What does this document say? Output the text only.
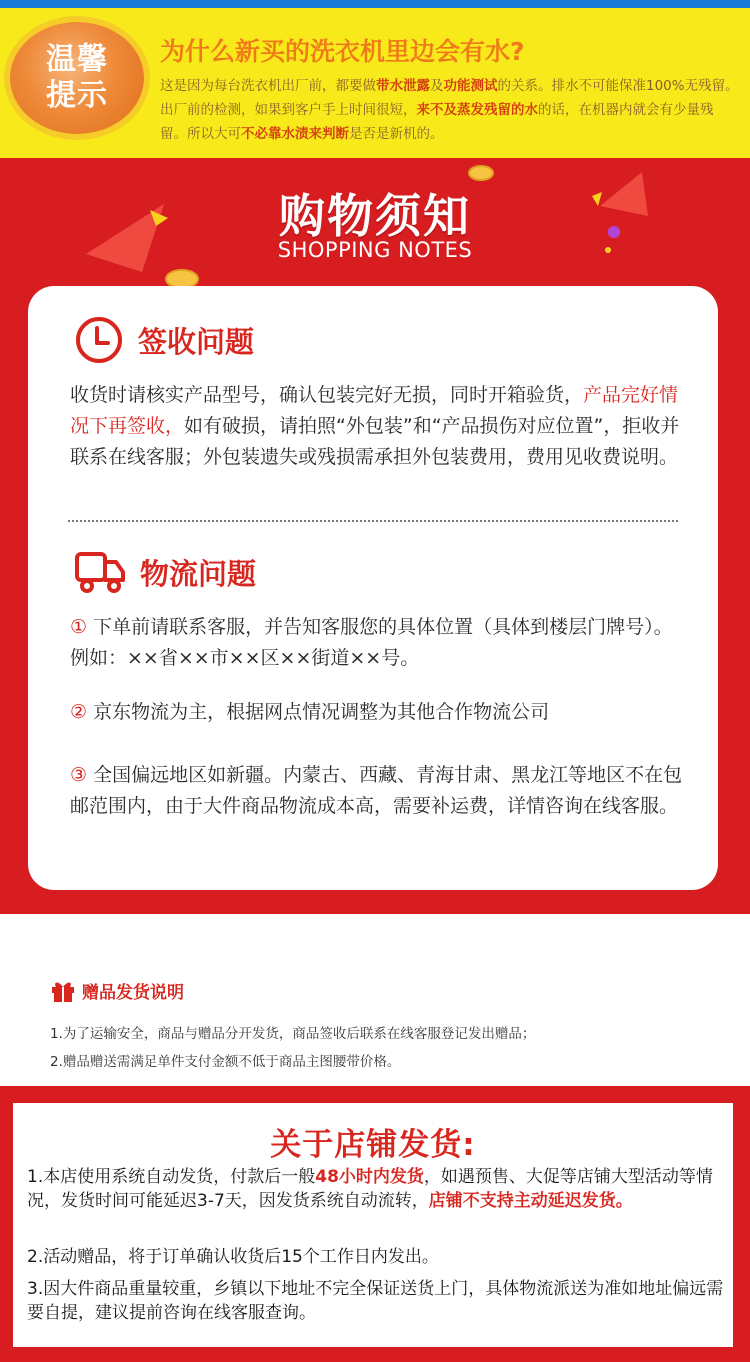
温馨
提示
为什么新买的洗衣机里边会有水?
这是因为每台洗衣机出厂前，都要做带水泄露及功能测试的关系。排水不可能保准100%无残留。出厂前的检测，如果到客户手上时间很短，来不及蒸发残留的水的话，在机器内就会有少量残留。所以大可不必靠水渍来判断是否是新机的。
购物须知
SHOPPING NOTES
签收问题
收货时请核实产品型号，确认包装完好无损，同时开箱验货，产品完好情况下再签收，如有破损，请拍照“外包装”和“产品损伤对应位置”，拒收并联系在线客服；外包装遗失或残损需承担外包装费用，费用见收费说明。
物流问题
① 下单前请联系客服，并告知客服您的具体位置（具体到楼层门牌号）。例如：××省××市××区××街道××号。
② 京东物流为主，根据网点情况调整为其他合作物流公司
③ 全国偏远地区如新疆。内蒙古、西藏、青海甘肃、黑龙江等地区不在包邮范围内，由于大件商品物流成本高，需要补运费，详情咨询在线客服。
赠品发货说明
1.为了运输安全，商品与赠品分开发货，商品签收后联系在线客服登记发出赠品；
2.赠品赠送需满足单件支付金额不低于商品主图腰带价格。
关于店铺发货:
1.本店使用系统自动发货，付款后一般48小时内发货，如遇预售、大促等店铺大型活动等情况，发货时间可能延迟3-7天，因发货系统自动流转，店铺不支持主动延迟发货。
2.活动赠品，将于订单确认收货后15个工作日内发出。
3.因大件商品重量较重，乡镇以下地址不完全保证送货上门，具体物流派送为准如地址偏远需要自提，建议提前咨询在线客服查询。
